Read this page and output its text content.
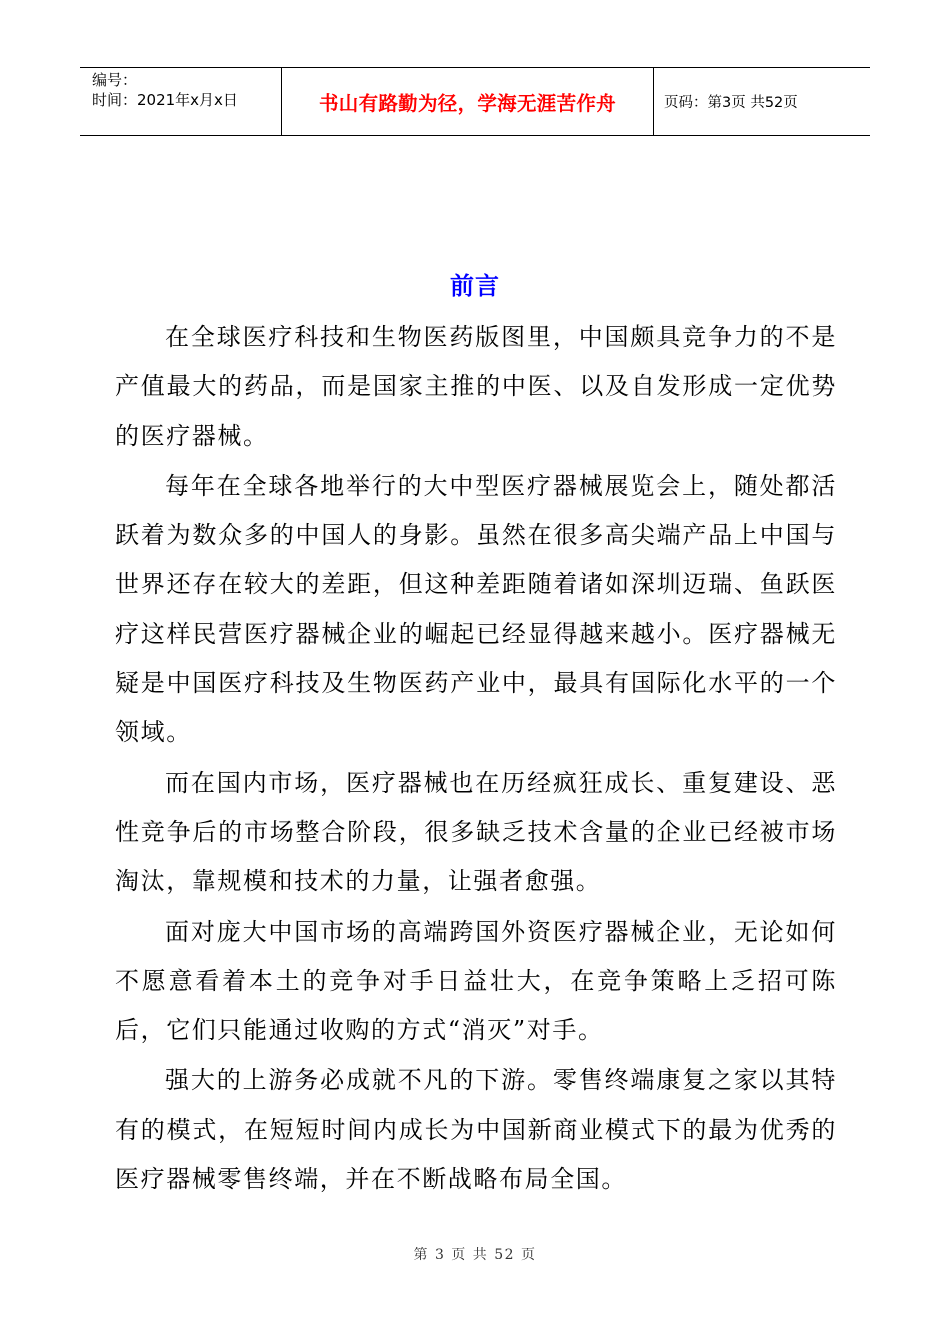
编号：
时间：2021年x月x日	书山有路勤为径，学海无涯苦作舟	页码：第3页 共52页
前言

在全球医疗科技和生物医药版图里，中国颇具竞争力的不是产值最大的药品，而是国家主推的中医、以及自发形成一定优势的医疗器械。

每年在全球各地举行的大中型医疗器械展览会上，随处都活跃着为数众多的中国人的身影。虽然在很多高尖端产品上中国与世界还存在较大的差距，但这种差距随着诸如深圳迈瑞、鱼跃医疗这样民营医疗器械企业的崛起已经显得越来越小。医疗器械无疑是中国医疗科技及生物医药产业中，最具有国际化水平的一个领域。

而在国内市场，医疗器械也在历经疯狂成长、重复建设、恶性竞争后的市场整合阶段，很多缺乏技术含量的企业已经被市场淘汰，靠规模和技术的力量，让强者愈强。

面对庞大中国市场的高端跨国外资医疗器械企业，无论如何不愿意看着本土的竞争对手日益壮大，在竞争策略上乏招可陈后，它们只能通过收购的方式“消灭”对手。

强大的上游务必成就不凡的下游。零售终端康复之家以其特有的模式，在短短时间内成长为中国新商业模式下的最为优秀的医疗器械零售终端，并在不断战略布局全国。

第 3 页 共 52 页
